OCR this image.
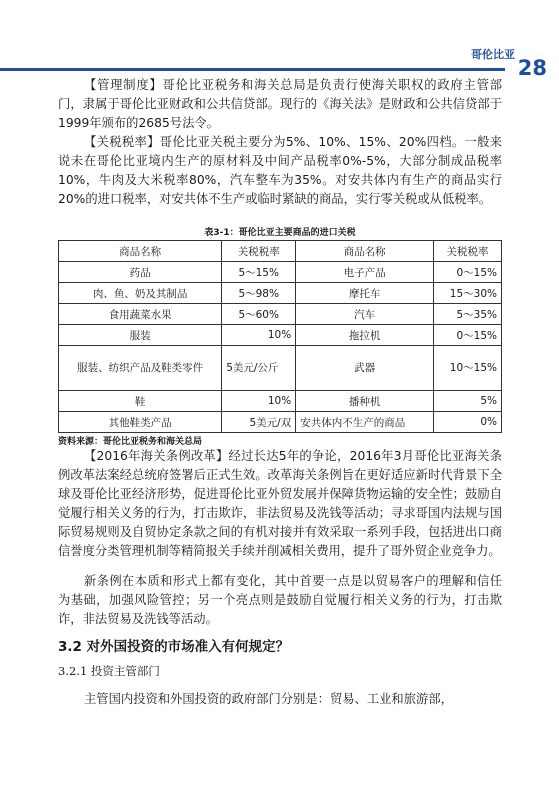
哥伦比亚
28

【管理制度】哥伦比亚税务和海关总局是负责行使海关职权的政府主管部门，隶属于哥伦比亚财政和公共信贷部。现行的《海关法》是财政和公共信贷部于1999年颁布的2685号法令。

【关税税率】哥伦比亚关税主要分为5%、10%、15%、20%四档。一般来说未在哥伦比亚境内生产的原材料及中间产品税率0%-5%，大部分制成品税率10%，牛肉及大米税率80%，汽车整车为35%。对安共体内有生产的商品实行20%的进口税率，对安共体不生产或临时紧缺的商品，实行零关税或从低税率。

表3-1：哥伦比亚主要商品的进口关税
商品名称	关税税率	商品名称	关税税率
药品	5～15%	电子产品	0～15%
肉、鱼、奶及其制品	5～98%	摩托车	15～30%
食用蔬菜水果	5～60%	汽车	5～35%
服装	10%	拖拉机	0～15%
服装、纺织产品及鞋类零件	5美元/公斤	武器	10～15%
鞋	10%	播种机	5%
其他鞋类产品	5美元/双	安共体内不生产的商品	0%
资料来源：哥伦比亚税务和海关总局

【2016年海关条例改革】经过长达5年的争论，2016年3月哥伦比亚海关条例改革法案经总统府签署后正式生效。改革海关条例旨在更好适应新时代背景下全球及哥伦比亚经济形势，促进哥伦比亚外贸发展并保障货物运输的安全性；鼓励自觉履行相关义务的行为，打击欺诈，非法贸易及洗钱等活动；寻求哥国内法规与国际贸易规则及自贸协定条款之间的有机对接并有效采取一系列手段，包括进出口商信誉度分类管理机制等精简报关手续并削减相关费用，提升了哥外贸企业竞争力。

新条例在本质和形式上都有变化，其中首要一点是以贸易客户的理解和信任为基础，加强风险管控；另一个亮点则是鼓励自觉履行相关义务的行为，打击欺诈，非法贸易及洗钱等活动。

3.2 对外国投资的市场准入有何规定？
3.2.1 投资主管部门

主管国内投资和外国投资的政府部门分别是：贸易、工业和旅游部，
